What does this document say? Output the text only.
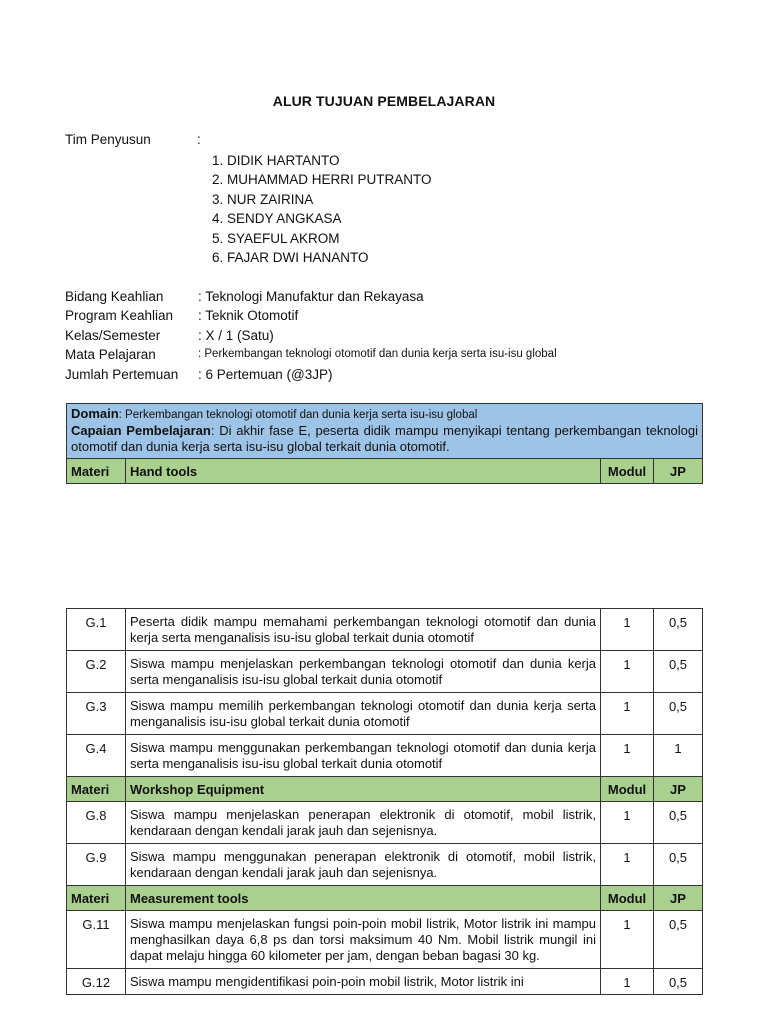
ALUR TUJUAN PEMBELAJARAN
Tim Penyusun	:
1. DIDIK HARTANTO
2. MUHAMMAD HERRI PUTRANTO
3. NUR ZAIRINA
4. SENDY ANGKASA
5. SYAEFUL AKROM
6. FAJAR DWI HANANTO
Bidang Keahlian	: Teknologi Manufaktur dan Rekayasa
Program Keahlian	: Teknik Otomotif
Kelas/Semester	: X / 1 (Satu)
Mata Pelajaran	: Perkembangan teknologi otomotif dan dunia kerja serta isu-isu global
Jumlah Pertemuan	: 6 Pertemuan (@3JP)
Domain: Perkembangan teknologi otomotif dan dunia kerja serta isu-isu global
Capaian Pembelajaran: Di akhir fase E, peserta didik mampu menyikapi tentang perkembangan teknologi otomotif dan dunia kerja serta isu-isu global terkait dunia otomotif.
Materi	Hand tools	Modul	JP
G.1	Peserta didik mampu memahami perkembangan teknologi otomotif dan dunia kerja serta menganalisis isu-isu global terkait dunia otomotif	1	0,5
G.2	Siswa mampu menjelaskan perkembangan teknologi otomotif dan dunia kerja serta menganalisis isu-isu global terkait dunia otomotif	1	0,5
G.3	Siswa mampu memilih perkembangan teknologi otomotif dan dunia kerja serta menganalisis isu-isu global terkait dunia otomotif	1	0,5
G.4	Siswa mampu menggunakan perkembangan teknologi otomotif dan dunia kerja serta menganalisis isu-isu global terkait dunia otomotif	1	1
Materi	Workshop Equipment	Modul	JP
G.8	Siswa mampu menjelaskan penerapan elektronik di otomotif, mobil listrik, kendaraan dengan kendali jarak jauh dan sejenisnya.	1	0,5
G.9	Siswa mampu menggunakan penerapan elektronik di otomotif, mobil listrik, kendaraan dengan kendali jarak jauh dan sejenisnya.	1	0,5
Materi	Measurement tools	Modul	JP
G.11	Siswa mampu menjelaskan fungsi poin-poin mobil listrik, Motor listrik ini mampu menghasilkan daya 6,8 ps dan torsi maksimum 40 Nm. Mobil listrik mungil ini dapat melaju hingga 60 kilometer per jam, dengan beban bagasi 30 kg.	1	0,5
G.12	Siswa mampu mengidentifikasi poin-poin mobil listrik, Motor listrik ini	1	0,5
